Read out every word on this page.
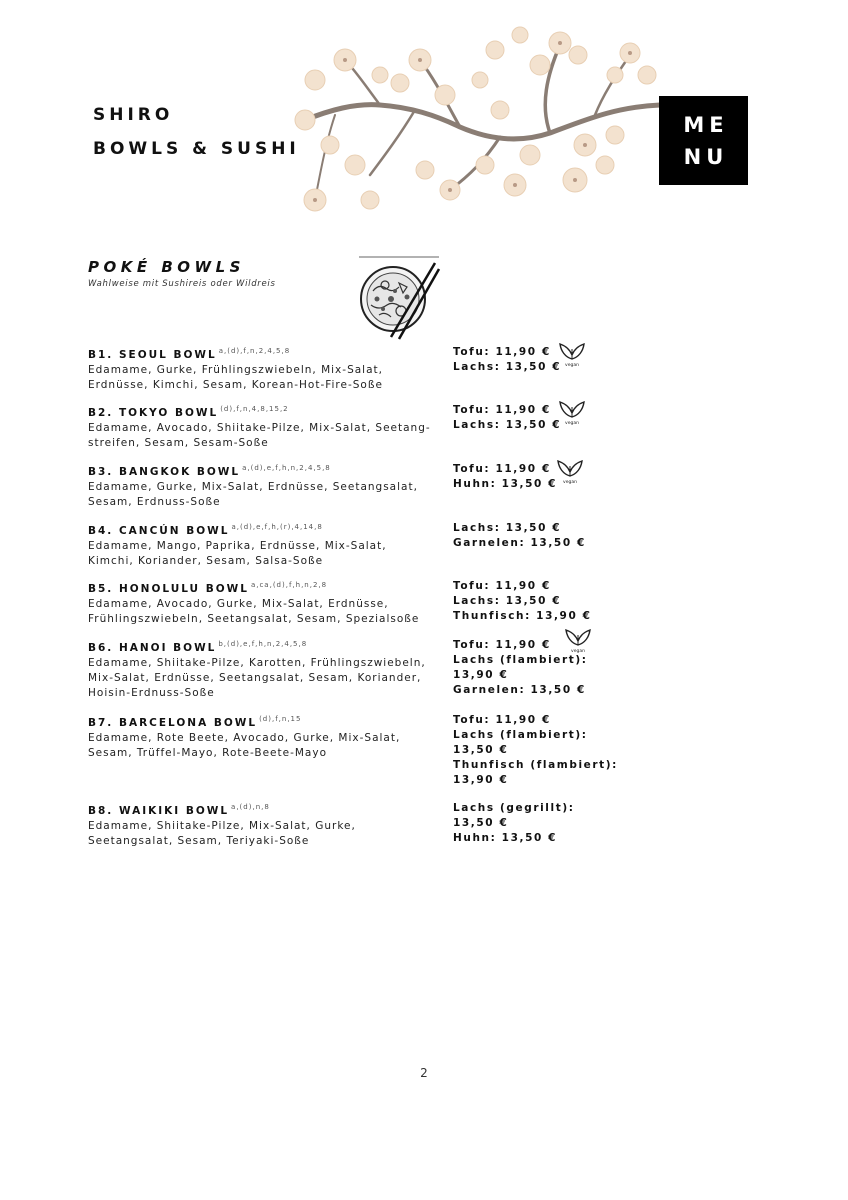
SHIRO
BOWLS & SUSHI
ME
NU
POKÉ BOWLS

Wahlweise mit Sushireis oder Wildreis

B1. SEOUL BOWL $^{a,(d),f,n,2,4,5,8}$
Edamame, Gurke, Frühlingszwiebeln, Mix-Salat,
Erdnüsse, Kimchi, Sesam, Korean-Hot-Fire-Soße
Tofu: 11,90 €
Lachs: 13,50 €
B2. TOKYO BOWL $^{(d),f,n,4,8,15,2}$
Edamame, Avocado, Shiitake-Pilze, Mix-Salat, Seetang-
streifen, Sesam, Sesam-Soße
Tofu: 11,90 €
Lachs: 13,50 €
B3. BANGKOK BOWL $^{a,(d),e,f,h,n,2,4,5,8}$
Edamame, Gurke, Mix-Salat, Erdnüsse, Seetangsalat,
Sesam, Erdnuss-Soße
Tofu: 11,90 €
Huhn: 13,50 €
B4. CANCÚN BOWL $^{a,(d),e,f,h,(r),4,14,8}$
Edamame, Mango, Paprika, Erdnüsse, Mix-Salat,
Kimchi, Koriander, Sesam, Salsa-Soße
Lachs: 13,50 €
Garnelen: 13,50 €
B5. HONOLULU BOWL $^{a,ca,(d),f,h,n,2,8}$
Edamame, Avocado, Gurke, Mix-Salat, Erdnüsse,
Frühlingszwiebeln, Seetangsalat, Sesam, Spezialsoße
Tofu: 11,90 €
Lachs: 13,50 €
Thunfisch: 13,90 €
B6. HANOI BOWL $^{b,(d),e,f,h,n,2,4,5,8}$
Edamame, Shiitake-Pilze, Karotten, Frühlingszwiebeln,
Mix-Salat, Erdnüsse, Seetangsalat, Sesam, Koriander,
Hoisin-Erdnuss-Soße
Tofu: 11,90 €
Lachs (flambiert):
13,90 €
Garnelen: 13,50 €
B7. BARCELONA BOWL $^{(d),f,n,15}$
Edamame, Rote Beete, Avocado, Gurke, Mix-Salat,
Sesam, Trüffel-Mayo, Rote-Beete-Mayo
Tofu: 11,90 €
Lachs (flambiert):
13,50 €
Thunfisch (flambiert):
13,90 €
B8. WAIKIKI BOWL $^{a,(d),n,8}$
Edamame, Shiitake-Pilze, Mix-Salat, Gurke,
Seetangsalat, Sesam, Teriyaki-Soße
Lachs (gegrillt):
13,50 €
Huhn: 13,50 €
vegan
vegan
vegan
vegan
2
